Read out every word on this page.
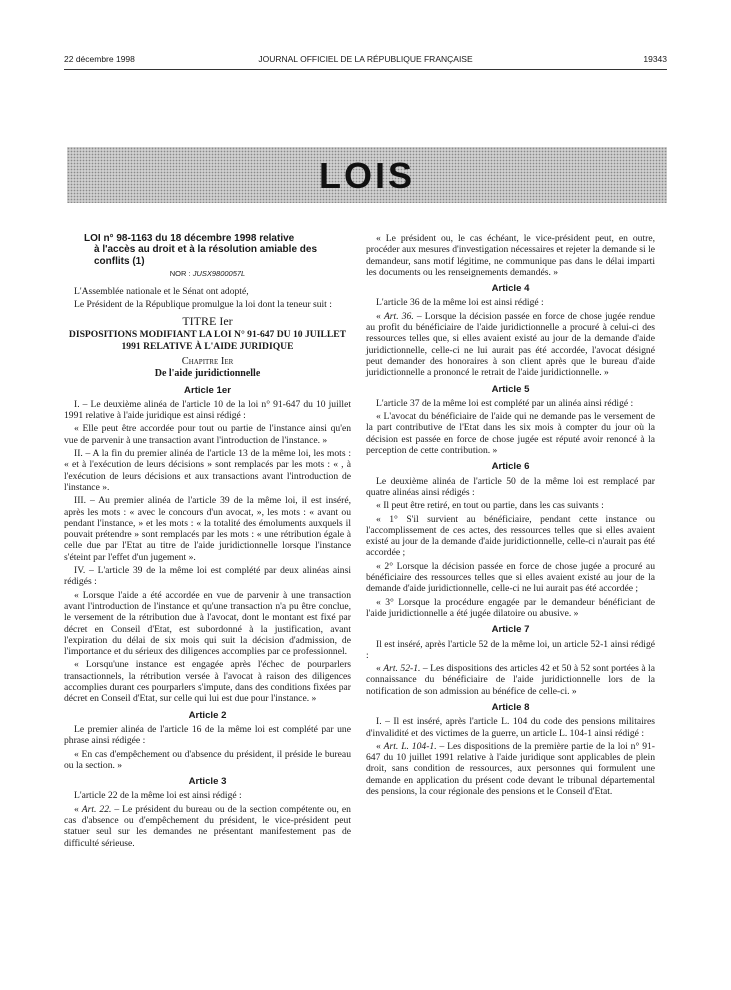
22 décembre 1998	JOURNAL OFFICIEL DE LA RÉPUBLIQUE FRANÇAISE	19343
LOIS
LOI n° 98-1163 du 18 décembre 1998 relative
à l'accès au droit et à la résolution amiable des conflits (1)
NOR : JUSX9800057L

L'Assemblée nationale et le Sénat ont adopté,

Le Président de la République promulgue la loi dont la teneur suit :

TITRE Ier
DISPOSITIONS MODIFIANT LA LOI N° 91-647 DU 10 JUILLET 1991 RELATIVE À L'AIDE JURIDIQUE
Chapitre Ier
De l'aide juridictionnelle
Article 1er

I. – Le deuxième alinéa de l'article 10 de la loi n° 91-647 du 10 juillet 1991 relative à l'aide juridique est ainsi rédigé :

« Elle peut être accordée pour tout ou partie de l'instance ainsi qu'en vue de parvenir à une transaction avant l'introduction de l'instance. »

II. – A la fin du premier alinéa de l'article 13 de la même loi, les mots : « et à l'exécution de leurs décisions » sont remplacés par les mots : « , à l'exécution de leurs décisions et aux transactions avant l'introduction de l'instance ».

III. – Au premier alinéa de l'article 39 de la même loi, il est inséré, après les mots : « avec le concours d'un avocat, », les mots : « avant ou pendant l'instance, » et les mots : « la totalité des émoluments auxquels il pouvait prétendre » sont remplacés par les mots : « une rétribution égale à celle due par l'Etat au titre de l'aide juridictionnelle lorsque l'instance s'éteint par l'effet d'un jugement ».

IV. – L'article 39 de la même loi est complété par deux alinéas ainsi rédigés :

« Lorsque l'aide a été accordée en vue de parvenir à une transaction avant l'introduction de l'instance et qu'une transaction n'a pu être conclue, le versement de la rétribution due à l'avocat, dont le montant est fixé par décret en Conseil d'Etat, est subordonné à la justification, avant l'expiration du délai de six mois qui suit la décision d'admission, de l'importance et du sérieux des diligences accomplies par ce professionnel.

« Lorsqu'une instance est engagée après l'échec de pourparlers transactionnels, la rétribution versée à l'avocat à raison des diligences accomplies durant ces pourparlers s'impute, dans des conditions fixées par décret en Conseil d'Etat, sur celle qui lui est due pour l'instance. »

Article 2

Le premier alinéa de l'article 16 de la même loi est complété par une phrase ainsi rédigée :

« En cas d'empêchement ou d'absence du président, il préside le bureau ou la section. »

Article 3

L'article 22 de la même loi est ainsi rédigé :

« Art. 22. – Le président du bureau ou de la section compétente ou, en cas d'absence ou d'empêchement du président, le vice-président peut statuer seul sur les demandes ne présentant manifestement pas de difficulté sérieuse.

« Le président ou, le cas échéant, le vice-président peut, en outre, procéder aux mesures d'investigation nécessaires et rejeter la demande si le demandeur, sans motif légitime, ne communique pas dans le délai imparti les documents ou les renseignements demandés. »

Article 4

L'article 36 de la même loi est ainsi rédigé :

« Art. 36. – Lorsque la décision passée en force de chose jugée rendue au profit du bénéficiaire de l'aide juridictionnelle a procuré à celui-ci des ressources telles que, si elles avaient existé au jour de la demande d'aide juridictionnelle, celle-ci ne lui aurait pas été accordée, l'avocat désigné peut demander des honoraires à son client après que le bureau d'aide juridictionnelle a prononcé le retrait de l'aide juridictionnelle. »

Article 5

L'article 37 de la même loi est complété par un alinéa ainsi rédigé :

« L'avocat du bénéficiaire de l'aide qui ne demande pas le versement de la part contributive de l'Etat dans les six mois à compter du jour où la décision est passée en force de chose jugée est réputé avoir renoncé à la perception de cette contribution. »

Article 6

Le deuxième alinéa de l'article 50 de la même loi est remplacé par quatre alinéas ainsi rédigés :

« Il peut être retiré, en tout ou partie, dans les cas suivants :

« 1° S'il survient au bénéficiaire, pendant cette instance ou l'accomplissement de ces actes, des ressources telles que si elles avaient existé au jour de la demande d'aide juridictionnelle, celle-ci n'aurait pas été accordée ;

« 2° Lorsque la décision passée en force de chose jugée a procuré au bénéficiaire des ressources telles que si elles avaient existé au jour de la demande d'aide juridictionnelle, celle-ci ne lui aurait pas été accordée ;

« 3° Lorsque la procédure engagée par le demandeur bénéficiant de l'aide juridictionnelle a été jugée dilatoire ou abusive. »

Article 7

Il est inséré, après l'article 52 de la même loi, un article 52-1 ainsi rédigé :

« Art. 52-1. – Les dispositions des articles 42 et 50 à 52 sont portées à la connaissance du bénéficiaire de l'aide juridictionnelle lors de la notification de son admission au bénéfice de celle-ci. »

Article 8

I. – Il est inséré, après l'article L. 104 du code des pensions militaires d'invalidité et des victimes de la guerre, un article L. 104-1 ainsi rédigé :

« Art. L. 104-1. – Les dispositions de la première partie de la loi n° 91-647 du 10 juillet 1991 relative à l'aide juridique sont applicables de plein droit, sans condition de ressources, aux personnes qui formulent une demande en application du présent code devant le tribunal départemental des pensions, la cour régionale des pensions et le Conseil d'Etat.
